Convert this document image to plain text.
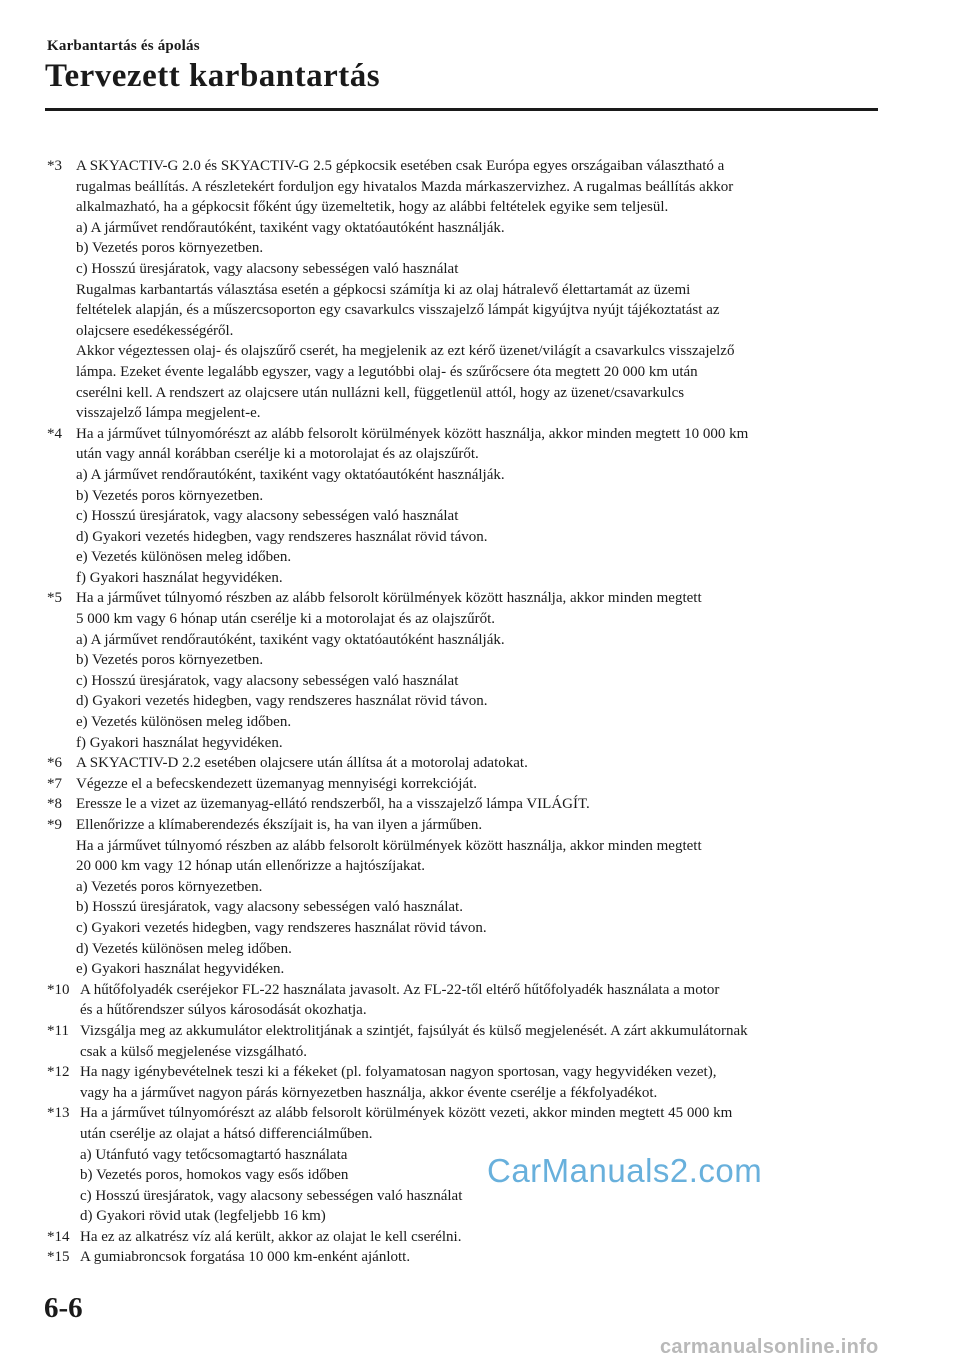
Karbantartás és ápolás
Tervezett karbantartás
*3 A SKYACTIV-G 2.0 és SKYACTIV-G 2.5 gépkocsik esetében csak Európa egyes országaiban választható a
rugalmas beállítás. A részletekért forduljon egy hivatalos Mazda márkaszervizhez. A rugalmas beállítás akkor
alkalmazható, ha a gépkocsit főként úgy üzemeltetik, hogy az alábbi feltételek egyike sem teljesül.
a) A járművet rendőrautóként, taxiként vagy oktatóautóként használják.
b) Vezetés poros környezetben.
c) Hosszú üresjáratok, vagy alacsony sebességen való használat
Rugalmas karbantartás választása esetén a gépkocsi számítja ki az olaj hátralevő élettartamát az üzemi
feltételek alapján, és a műszercsoporton egy csavarkulcs visszajelző lámpát kigyújtva nyújt tájékoztatást az
olajcsere esedékességéről.
Akkor végeztessen olaj- és olajszűrő cserét, ha megjelenik az ezt kérő üzenet/világít a csavarkulcs visszajelző
lámpa. Ezeket évente legalább egyszer, vagy a legutóbbi olaj- és szűrőcsere óta megtett 20 000 km után
cserélni kell. A rendszert az olajcsere után nullázni kell, függetlenül attól, hogy az üzenet/csavarkulcs
visszajelző lámpa megjelent-e.
*4 Ha a járművet túlnyomórészt az alább felsorolt körülmények között használja, akkor minden megtett 10 000 km
után vagy annál korábban cserélje ki a motorolajat és az olajszűrőt.
a) A járművet rendőrautóként, taxiként vagy oktatóautóként használják.
b) Vezetés poros környezetben.
c) Hosszú üresjáratok, vagy alacsony sebességen való használat
d) Gyakori vezetés hidegben, vagy rendszeres használat rövid távon.
e) Vezetés különösen meleg időben.
f) Gyakori használat hegyvidéken.
*5 Ha a járművet túlnyomó részben az alább felsorolt körülmények között használja, akkor minden megtett
5 000 km vagy 6 hónap után cserélje ki a motorolajat és az olajszűrőt.
a) A járművet rendőrautóként, taxiként vagy oktatóautóként használják.
b) Vezetés poros környezetben.
c) Hosszú üresjáratok, vagy alacsony sebességen való használat
d) Gyakori vezetés hidegben, vagy rendszeres használat rövid távon.
e) Vezetés különösen meleg időben.
f) Gyakori használat hegyvidéken.
*6 A SKYACTIV-D 2.2 esetében olajcsere után állítsa át a motorolaj adatokat.
*7 Végezze el a befecskendezett üzemanyag mennyiségi korrekcióját.
*8 Eressze le a vizet az üzemanyag-ellátó rendszerből, ha a visszajelző lámpa VILÁGÍT.
*9 Ellenőrizze a klímaberendezés ékszíjait is, ha van ilyen a járműben.
Ha a járművet túlnyomó részben az alább felsorolt körülmények között használja, akkor minden megtett
20 000 km vagy 12 hónap után ellenőrizze a hajtószíjakat.
a) Vezetés poros környezetben.
b) Hosszú üresjáratok, vagy alacsony sebességen való használat.
c) Gyakori vezetés hidegben, vagy rendszeres használat rövid távon.
d) Vezetés különösen meleg időben.
e) Gyakori használat hegyvidéken.
*10 A hűtőfolyadék cseréjekor FL-22 használata javasolt. Az FL-22-től eltérő hűtőfolyadék használata a motor
és a hűtőrendszer súlyos károsodását okozhatja.
*11 Vizsgálja meg az akkumulátor elektrolitjának a szintjét, fajsúlyát és külső megjelenését. A zárt akkumulátornak
csak a külső megjelenése vizsgálható.
*12 Ha nagy igénybevételnek teszi ki a fékeket (pl. folyamatosan nagyon sportosan, vagy hegyvidéken vezet),
vagy ha a járművet nagyon párás környezetben használja, akkor évente cserélje a fékfolyadékot.
*13 Ha a járművet túlnyomórészt az alább felsorolt körülmények között vezeti, akkor minden megtett 45 000 km
után cserélje az olajat a hátsó differenciálműben.
a) Utánfutó vagy tetőcsomagtartó használata
b) Vezetés poros, homokos vagy esős időben
c) Hosszú üresjáratok, vagy alacsony sebességen való használat
d) Gyakori rövid utak (legfeljebb 16 km)
*14 Ha ez az alkatrész víz alá került, akkor az olajat le kell cserélni.
*15 A gumiabroncsok forgatása 10 000 km-enként ajánlott.
CarManuals2.com
6-6
carmanualsonline.info
